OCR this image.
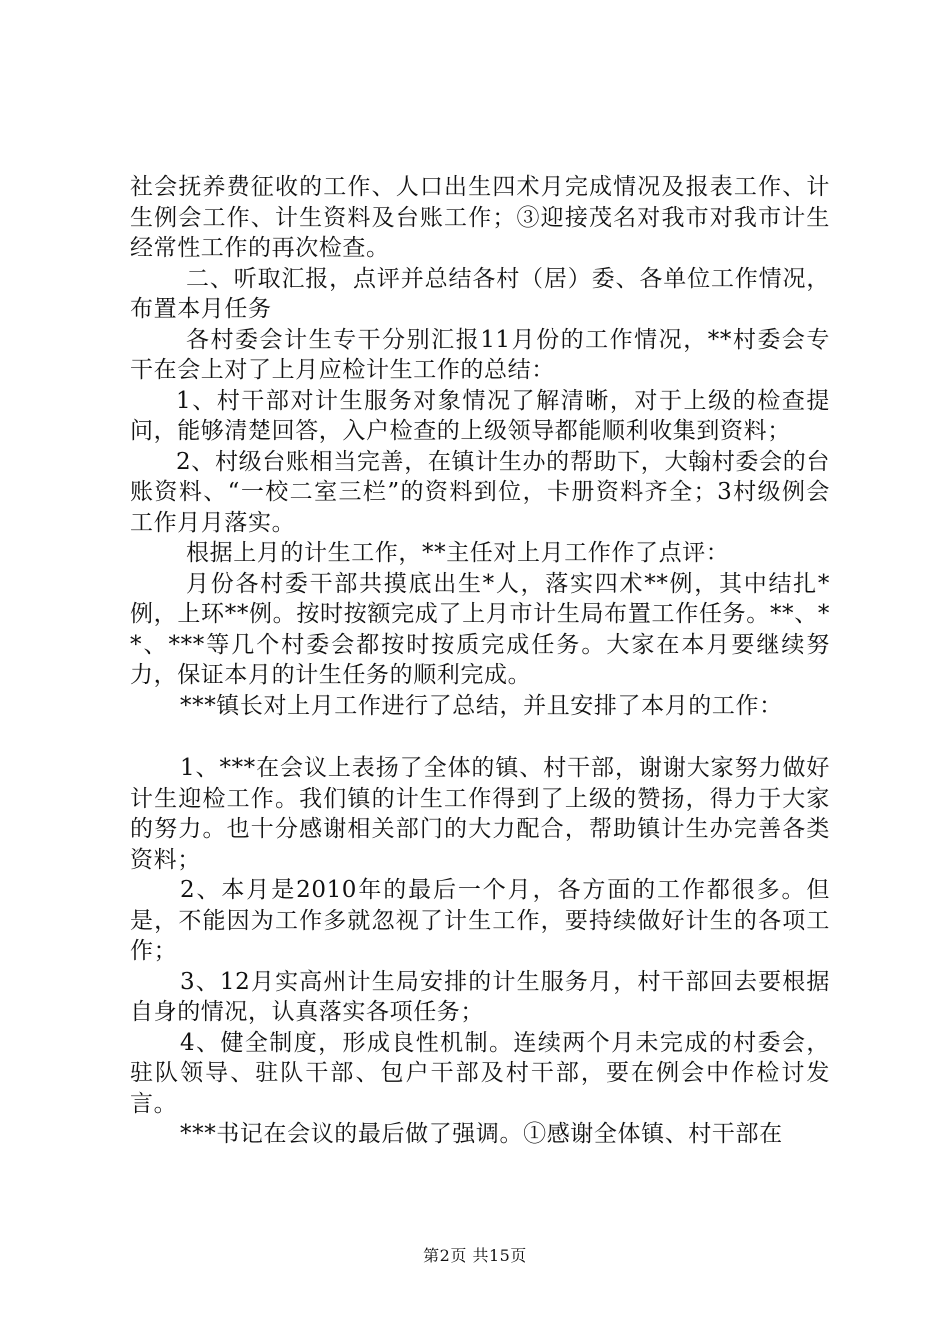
社会抚养费征收的工作、人口出生四术月完成情况及报表工作、计生例会工作、计生资料及台账工作；③迎接茂名对我市对我市计生经常性工作的再次检查。

二、听取汇报，点评并总结各村（居）委、各单位工作情况，布置本月任务

各村委会计生专干分别汇报11月份的工作情况，**村委会专干在会上对了上月应检计生工作的总结：

1、村干部对计生服务对象情况了解清晰，对于上级的检查提问，能够清楚回答，入户检查的上级领导都能顺利收集到资料；

2、村级台账相当完善，在镇计生办的帮助下，大翰村委会的台账资料、“一校二室三栏”的资料到位，卡册资料齐全；3村级例会工作月月落实。

根据上月的计生工作，**主任对上月工作作了点评：

月份各村委干部共摸底出生*人，落实四术**例，其中结扎*例，上环**例。按时按额完成了上月市计生局布置工作任务。**、**、***等几个村委会都按时按质完成任务。大家在本月要继续努力，保证本月的计生任务的顺利完成。

***镇长对上月工作进行了总结，并且安排了本月的工作：

1、***在会议上表扬了全体的镇、村干部，谢谢大家努力做好计生迎检工作。我们镇的计生工作得到了上级的赞扬，得力于大家的努力。也十分感谢相关部门的大力配合，帮助镇计生办完善各类资料；

2、本月是2010年的最后一个月，各方面的工作都很多。但是，不能因为工作多就忽视了计生工作，要持续做好计生的各项工作；

3、12月实高州计生局安排的计生服务月，村干部回去要根据自身的情况，认真落实各项任务；

4、健全制度，形成良性机制。连续两个月未完成的村委会，驻队领导、驻队干部、包户干部及村干部，要在例会中作检讨发言。

***书记在会议的最后做了强调。①感谢全体镇、村干部在

第2页 共15页
